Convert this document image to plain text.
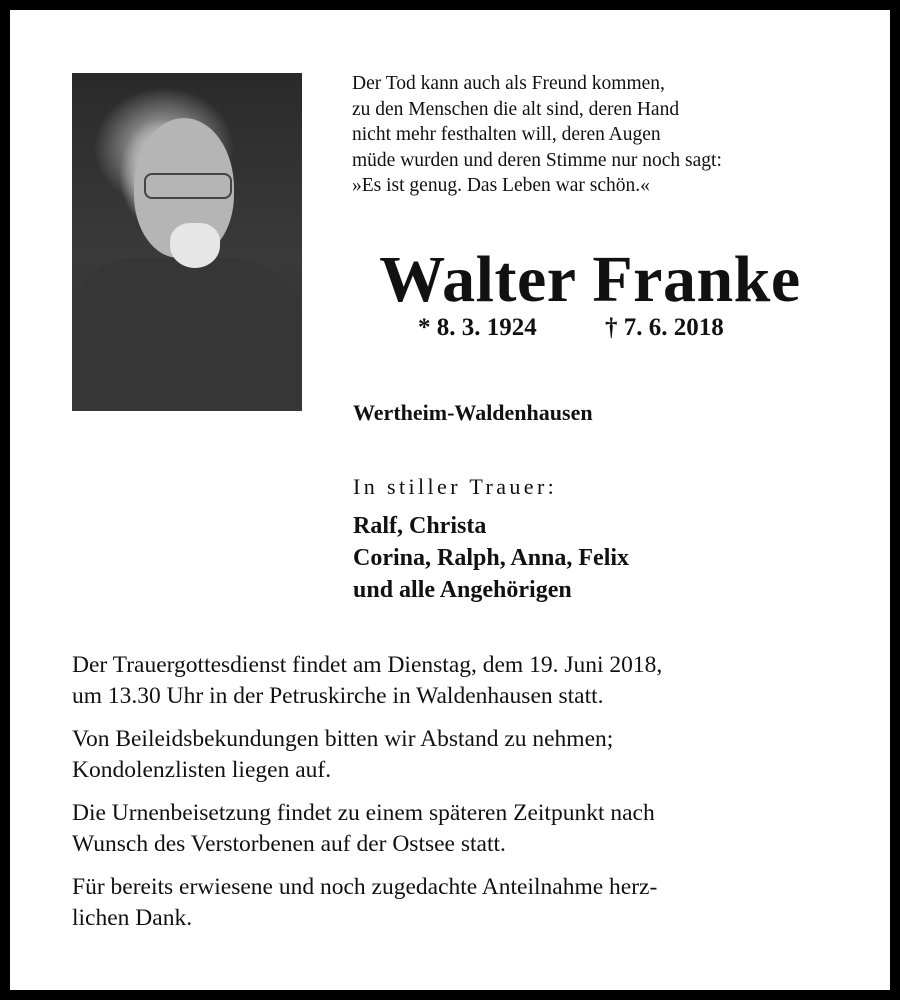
Der Tod kann auch als Freund kommen,
zu den Menschen die alt sind, deren Hand
nicht mehr festhalten will, deren Augen
müde wurden und deren Stimme nur noch sagt:
»Es ist genug. Das Leben war schön.«
Walter Franke
* 8. 3. 1924	† 7. 6. 2018
Wertheim-Waldenhausen
In stiller Trauer:
Ralf, Christa
Corina, Ralph, Anna, Felix
und alle Angehörigen

Der Trauergottesdienst findet am Dienstag, dem 19. Juni 2018,
um 13.30 Uhr in der Petruskirche in Waldenhausen statt.

Von Beileidsbekundungen bitten wir Abstand zu nehmen;
Kondolenzlisten liegen auf.

Die Urnenbeisetzung findet zu einem späteren Zeitpunkt nach
Wunsch des Verstorbenen auf der Ostsee statt.

Für bereits erwiesene und noch zugedachte Anteilnahme herz-
lichen Dank.
